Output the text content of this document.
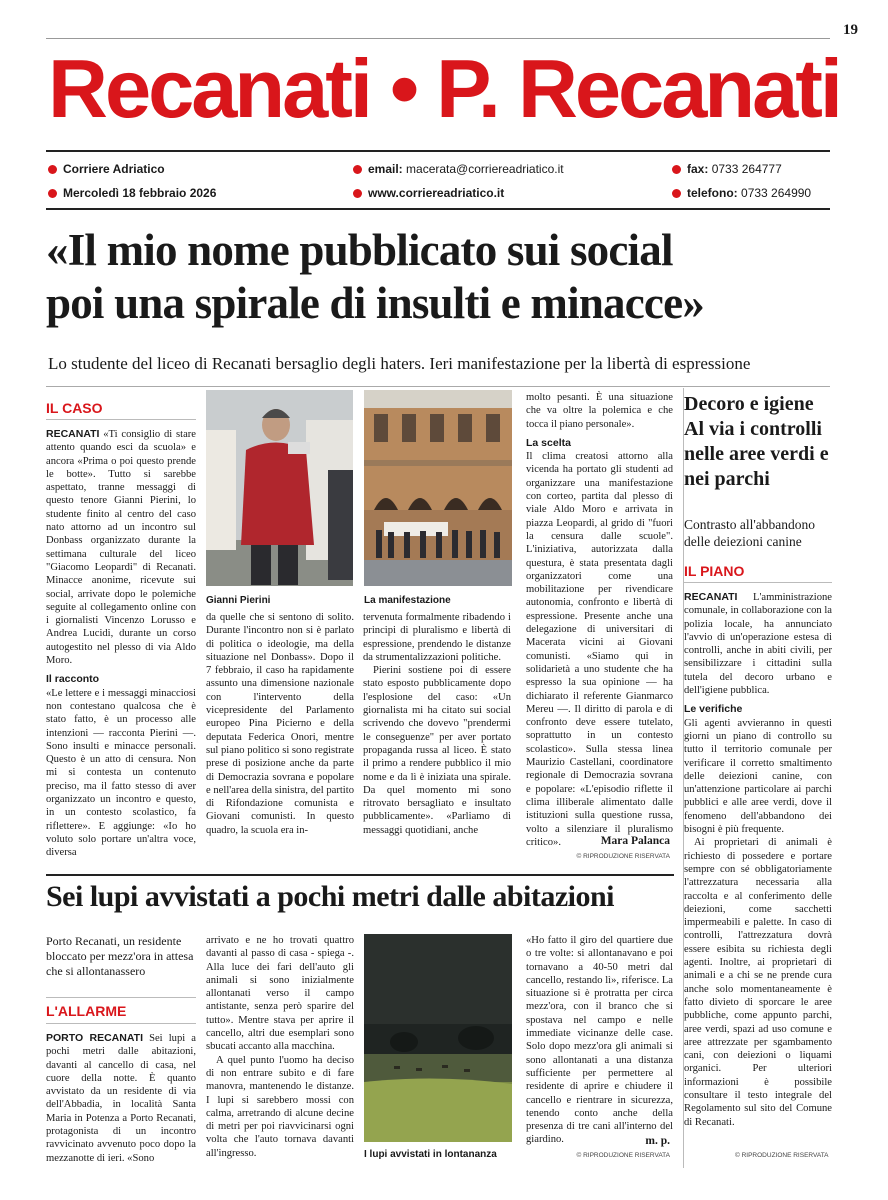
19
Recanati • P. Recanati
Corriere Adriatico
Mercoledì 18 febbraio 2026
email:
macerata@corriereadriatico.it
www.corriereadriatico.it
fax:
0733 264777
telefono:
0733 264990
«Il mio nome pubblicato sui social
poi una spirale di insulti e minacce»
Lo studente del liceo di Recanati bersaglio degli haters. Ieri manifestazione per la libertà di espressione
IL CASO

RECANATI «Ti consiglio di stare attento quando esci da scuola» e ancora «Prima o poi questo prende le botte». Tutto si sarebbe aspettato, tranne messaggi di questo tenore Gianni Pierini, lo studente finito al centro del caso nato attorno ad un incontro sul Donbass organizzato durante la settimana culturale del liceo "Giacomo Leopardi" di Recanati. Minacce anonime, ricevute sui social, arrivate dopo le polemiche seguite al collegamento online con i giornalisti Vincenzo Lorusso e Andrea Lucidi, durante un corso autogestito nel plesso di via Aldo Moro.

Il racconto

«Le lettere e i messaggi minacciosi non contestano qualcosa che è stato fatto, è un processo alle intenzioni — racconta Pierini —. Sono insulti e minacce personali. Questo è un atto di censura. Non mi si contesta un contenuto preciso, ma il fatto stesso di aver organizzato un incontro e questo, in un contesto scolastico, fa riflettere». E aggiunge: «Io ho voluto solo portare un'altra voce, diversa

Gianni Pierini	La manifestazione

da quelle che si sentono di solito. Durante l'incontro non si è parlato di politica o ideologie, ma della situazione nel Donbass». Dopo il 7 febbraio, il caso ha rapidamente assunto una dimensione nazionale con l'intervento della vicepresidente del Parlamento europeo Pina Picierno e della deputata Federica Onori, mentre sul piano politico si sono registrate prese di posizione anche da parte di Democrazia sovrana e popolare e nell'area della sinistra, del partito di Rifondazione comunista e Giovani comunisti. In questo quadro, la scuola era in-

tervenuta formalmente ribadendo i principi di pluralismo e libertà di espressione, prendendo le distanze da strumentalizzazioni politiche.

Pierini sostiene poi di essere stato esposto pubblicamente dopo l'esplosione del caso: «Un giornalista mi ha citato sui social scrivendo che dovevo "prendermi le conseguenze" per aver portato propaganda russa al liceo. È stato il primo a rendere pubblico il mio nome e da lì è iniziata una spirale. Da quel momento mi sono ritrovato bersagliato e insultato pubblicamente». «Parliamo di messaggi quotidiani, anche

molto pesanti. È una situazione che va oltre la polemica e che tocca il piano personale».

La scelta

Il clima creatosi attorno alla vicenda ha portato gli studenti ad organizzare una manifestazione con corteo, partita dal plesso di viale Aldo Moro e arrivata in piazza Leopardi, al grido di "fuori la censura dalle scuole". L'iniziativa, autorizzata dalla questura, è stata presentata dagli organizzatori come una mobilitazione per rivendicare autonomia, confronto e libertà di espressione. Presente anche una delegazione di universitari di Macerata vicini ai Giovani comunisti. «Siamo qui in solidarietà a uno studente che ha espresso la sua opinione — ha dichiarato il referente Gianmarco Mereu —. Il diritto di parola e di confronto deve essere tutelato, soprattutto in un contesto scolastico». Sulla stessa linea Maurizio Castellani, coordinatore regionale di Democrazia sovrana e popolare: «L'episodio riflette il clima illiberale alimentato dalle istituzioni sulla questione russa, volto a silenziare il pluralismo critico».	Mara Palanca
© RIPRODUZIONE RISERVATA
Decoro e igiene Al via i controlli nelle aree verdi e nei parchi
Contrasto all'abbandono delle deiezioni canine
IL PIANO

RECANATI L'amministrazione comunale, in collaborazione con la polizia locale, ha annunciato l'avvio di un'operazione estesa di controlli, anche in abiti civili, per sensibilizzare i cittadini sulla tutela del decoro urbano e dell'igiene pubblica.

Le verifiche

Gli agenti avvieranno in questi giorni un piano di controllo su tutto il territorio comunale per verificare il corretto smaltimento delle deiezioni canine, con un'attenzione particolare ai parchi pubblici e alle aree verdi, dove il fenomeno dell'abbandono dei bisogni è più frequente.

Ai proprietari di animali è richiesto di possedere e portare sempre con sé obbligatoriamente l'attrezzatura necessaria alla raccolta e al conferimento delle deiezioni, come sacchetti impermeabili e palette. In caso di controlli, l'attrezzatura dovrà essere esibita su richiesta degli agenti. Inoltre, ai proprietari di animali e a chi se ne prende cura anche solo momentaneamente è fatto divieto di sporcare le aree pubbliche, come appunto parchi, aree verdi, spazi ad uso comune e aree attrezzate per sgambamento cani, con deiezioni o liquami organici. Per ulteriori informazioni è possibile consultare il testo integrale del Regolamento sul sito del Comune di Recanati.

© RIPRODUZIONE RISERVATA
Sei lupi avvistati a pochi metri dalle abitazioni
Porto Recanati, un residente bloccato per mezz'ora in attesa che si allontanassero
L'ALLARME

PORTO RECANATI Sei lupi a pochi metri dalle abitazioni, davanti al cancello di casa, nel cuore della notte. È quanto avvistato da un residente di via dell'Abbadia, in località Santa Maria in Potenza a Porto Recanati, protagonista di un incontro ravvicinato avvenuto poco dopo la mezzanotte di ieri. «Sono

arrivato e ne ho trovati quattro davanti al passo di casa - spiega -. Alla luce dei fari dell'auto gli animali si sono inizialmente allontanati verso il campo antistante, senza però sparire del tutto». Mentre stava per aprire il cancello, altri due esemplari sono sbucati accanto alla macchina.

A quel punto l'uomo ha deciso di non entrare subito e di fare manovra, mantenendo le distanze. I lupi si sarebbero mossi con calma, arretrando di alcune decine di metri per poi riavvicinarsi ogni volta che l'auto tornava davanti all'ingresso.	I lupi avvistati in lontananza

«Ho fatto il giro del quartiere due o tre volte: si allontanavano e poi tornavano a 40-50 metri dal cancello, restando lì», riferisce. La situazione si è protratta per circa mezz'ora, con il branco che si spostava nel campo e nelle immediate vicinanze delle case. Solo dopo mezz'ora gli animali si sono allontanati a una distanza sufficiente per permettere al residente di aprire e chiudere il cancello e rientrare in sicurezza, tenendo conto anche della presenza di tre cani all'interno del giardino.	m. p.
© RIPRODUZIONE RISERVATA
